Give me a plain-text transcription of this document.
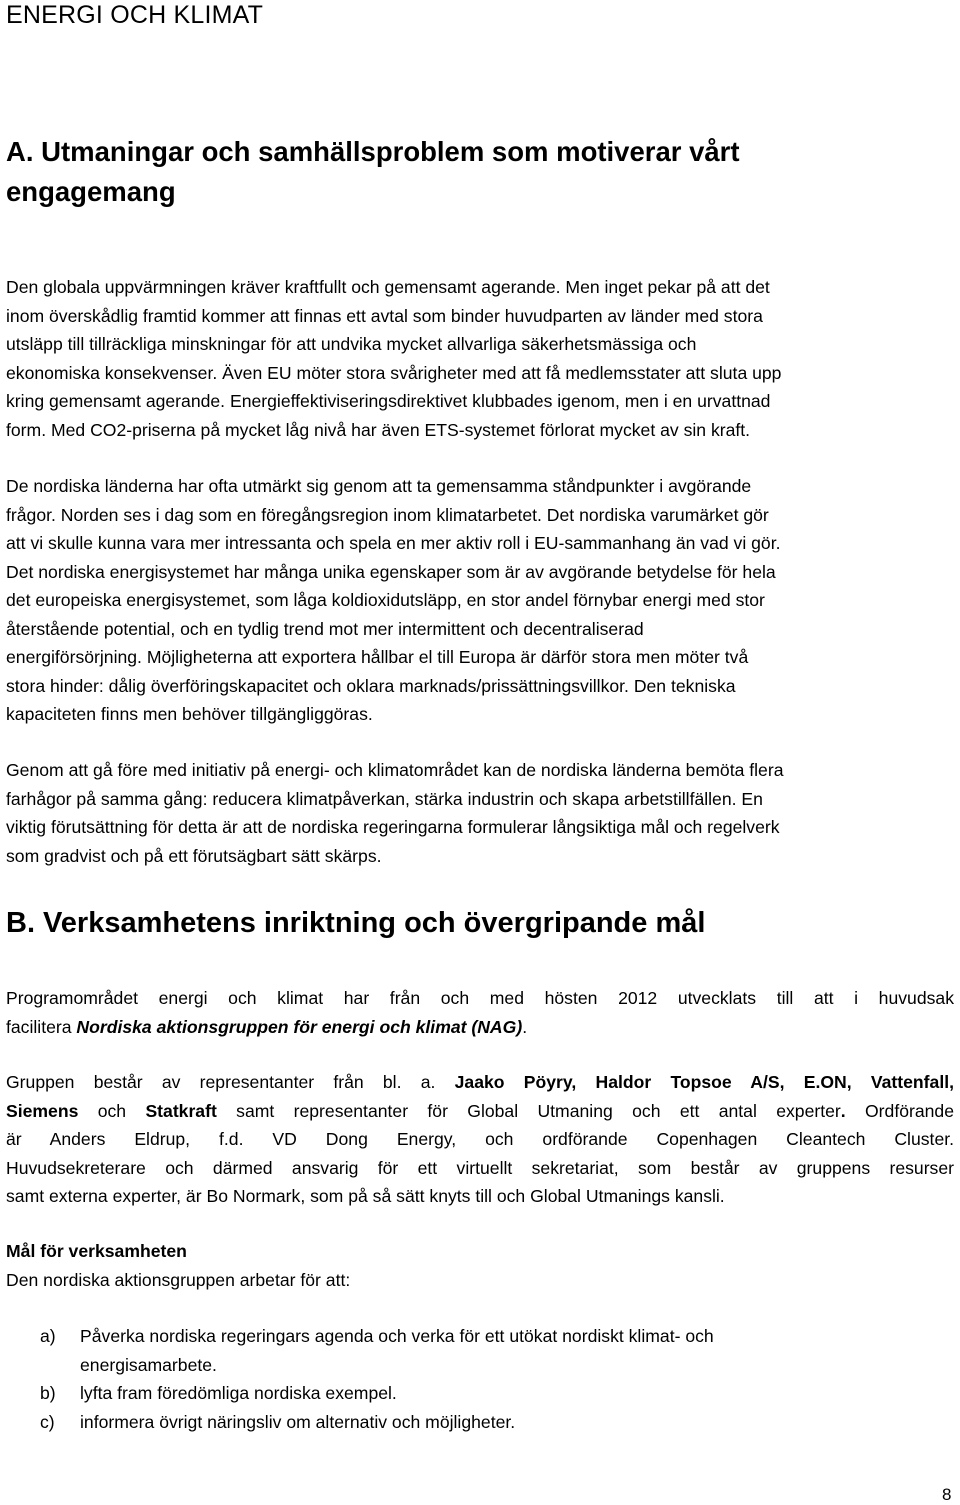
ENERGI OCH KLIMAT
A. Utmaningar och samhällsproblem som motiverar vårt
engagemang
Den globala uppvärmningen kräver kraftfullt och gemensamt agerande. Men inget pekar på att det
inom överskådlig framtid kommer att finnas ett avtal som binder huvudparten av länder med stora
utsläpp till tillräckliga minskningar för att undvika mycket allvarliga säkerhetsmässiga och
ekonomiska konsekvenser. Även EU möter stora svårigheter med att få medlemsstater att sluta upp
kring gemensamt agerande. Energieffektiviseringsdirektivet klubbades igenom, men i en urvattnad
form. Med CO2-priserna på mycket låg nivå har även ETS-systemet förlorat mycket av sin kraft.
De nordiska länderna har ofta utmärkt sig genom att ta gemensamma ståndpunkter i avgörande
frågor. Norden ses i dag som en föregångsregion inom klimatarbetet. Det nordiska varumärket gör
att vi skulle kunna vara mer intressanta och spela en mer aktiv roll i EU-sammanhang än vad vi gör.
Det nordiska energisystemet har många unika egenskaper som är av avgörande betydelse för hela
det europeiska energisystemet, som låga koldioxidutsläpp, en stor andel förnybar energi med stor
återstående potential, och en tydlig trend mot mer intermittent och decentraliserad
energiförsörjning. Möjligheterna att exportera hållbar el till Europa är därför stora men möter två
stora hinder: dålig överföringskapacitet och oklara marknads/prissättningsvillkor. Den tekniska
kapaciteten finns men behöver tillgängliggöras.
Genom att gå före med initiativ på energi- och klimatområdet kan de nordiska länderna bemöta flera
farhågor på samma gång: reducera klimatpåverkan, stärka industrin och skapa arbetstillfällen. En
viktig förutsättning för detta är att de nordiska regeringarna formulerar långsiktiga mål och regelverk
som gradvist och på ett förutsägbart sätt skärps.
B. Verksamhetens inriktning och övergripande mål
Programområdet energi och klimat har från och med hösten 2012 utvecklats till att i huvudsak
facilitera Nordiska aktionsgruppen för energi och klimat (NAG).
Gruppen består av representanter från bl. a. Jaako Pöyry, Haldor Topsoe A/S, E.ON, Vattenfall,
Siemens och Statkraft samt representanter för Global Utmaning och ett antal experter. Ordförande
är Anders Eldrup, f.d. VD Dong Energy, och ordförande Copenhagen Cleantech Cluster.
Huvudsekreterare och därmed ansvarig för ett virtuellt sekretariat, som består av gruppens resurser
samt externa experter, är Bo Normark, som på så sätt knyts till och Global Utmanings kansli.
Mål för verksamheten
Den nordiska aktionsgruppen arbetar för att:
a) Påverka nordiska regeringars agenda och verka för ett utökat nordiskt klimat- och
energisamarbete.
b) lyfta fram föredömliga nordiska exempel.
c) informera övrigt näringsliv om alternativ och möjligheter.
8
